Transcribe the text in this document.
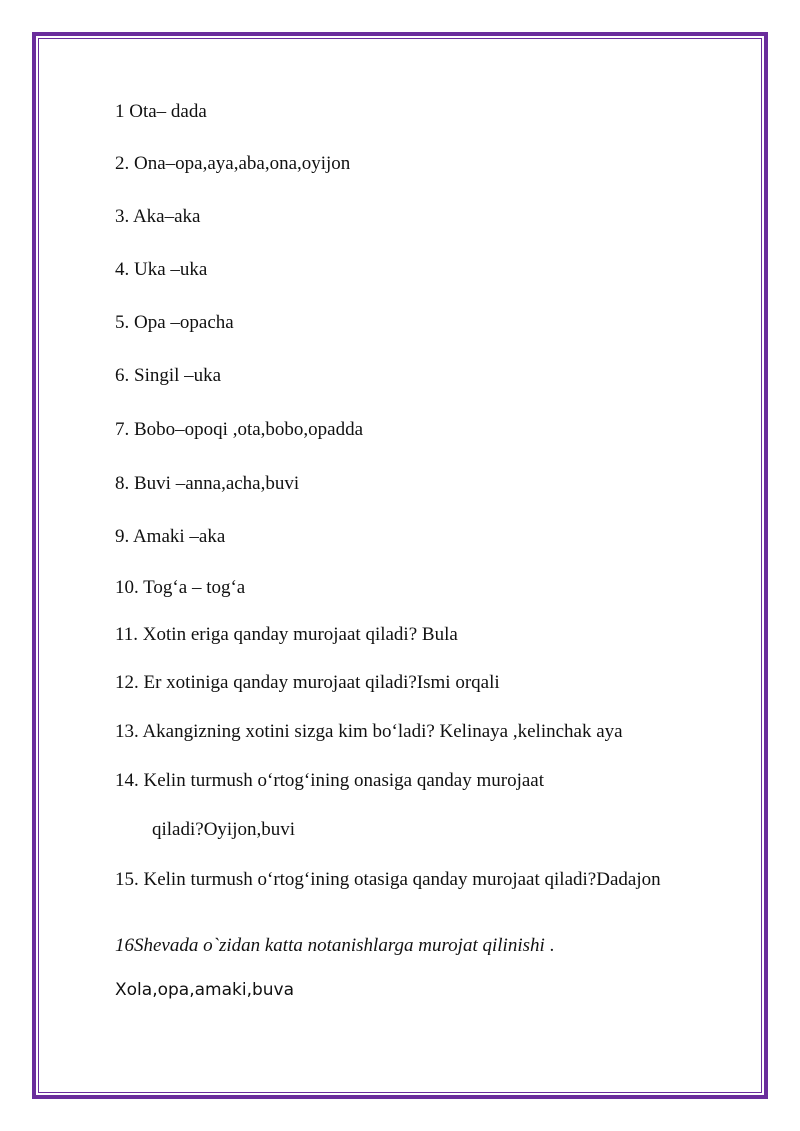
1 Ota– dada
2. Ona–opa,aya,aba,ona,oyijon
3. Aka–aka
4. Uka –uka
5. Opa –opacha
6. Singil –uka
7. Bobo–opoqi ,ota,bobo,opadda
8. Buvi –anna,acha,buvi
9. Amaki –aka
10. Tog‘a – tog‘a
11. Xotin eriga qanday murojaat qiladi? Bula
12. Er xotiniga qanday murojaat qiladi?Ismi orqali
13. Akangizning xotini sizga kim bo‘ladi? Kelinaya ,kelinchak aya
14. Kelin turmush o‘rtog‘ining onasiga qanday murojaat
qiladi?Oyijon,buvi
15. Kelin turmush o‘rtog‘ining otasiga qanday murojaat qiladi?Dadajon
16Shevada o`zidan katta notanishlarga murojat qilinishi .
Xola,opa,amaki,buva
